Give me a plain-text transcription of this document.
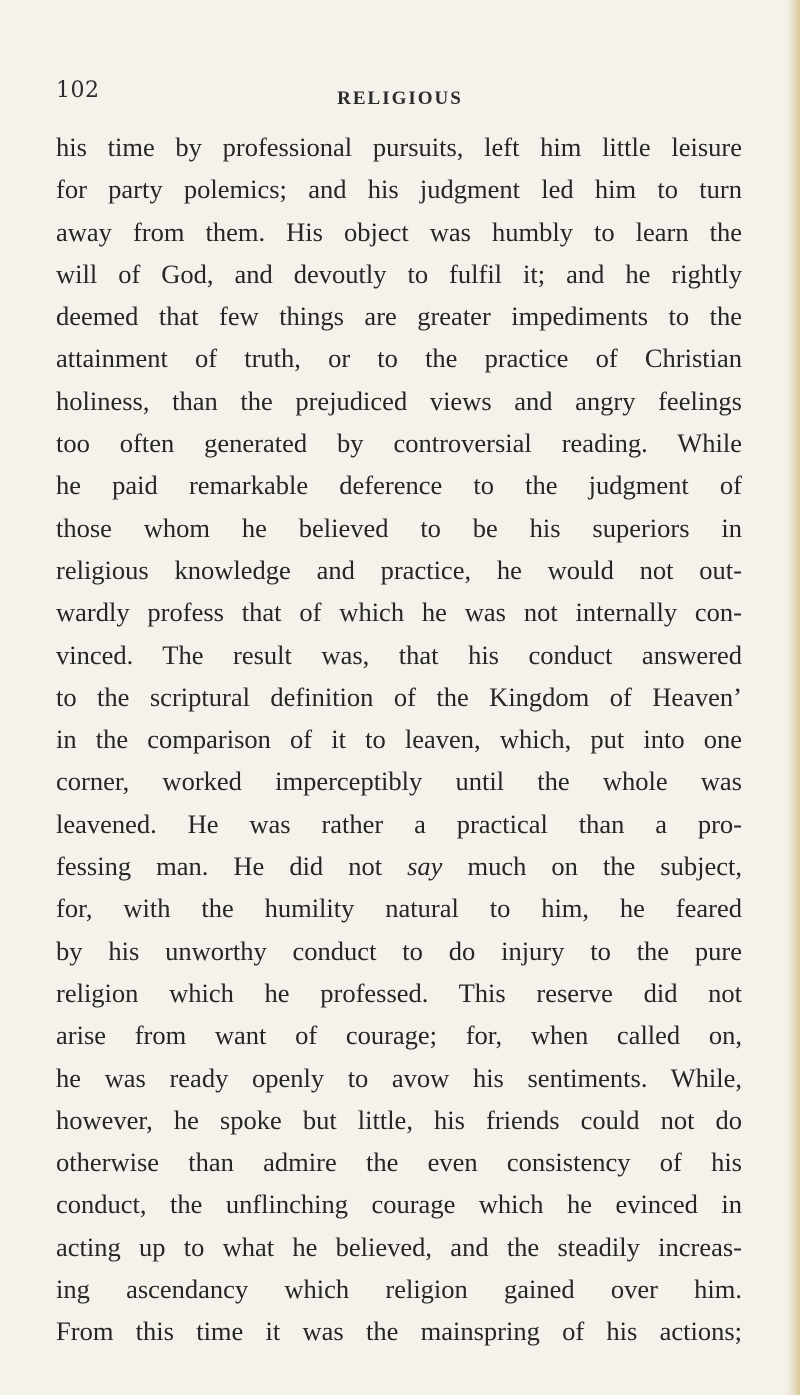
102	RELIGIOUS

his time by professional pursuits, left him little leisure
for party polemics; and his judgment led him to turn
away from them. His object was humbly to learn the
will of God, and devoutly to fulfil it; and he rightly
deemed that few things are greater impediments to the
attainment of truth, or to the practice of Christian
holiness, than the prejudiced views and angry feelings
too often generated by controversial reading. While
he paid remarkable deference to the judgment of
those whom he believed to be his superiors in
religious knowledge and practice, he would not out-
wardly profess that of which he was not internally con-
vinced. The result was, that his conduct answered
to the scriptural definition of the Kingdom of Heaven’
in the comparison of it to leaven, which, put into one
corner, worked imperceptibly until the whole was
leavened. He was rather a practical than a pro-
fessing man. He did not say much on the subject,
for, with the humility natural to him, he feared
by his unworthy conduct to do injury to the pure
religion which he professed. This reserve did not
arise from want of courage; for, when called on,
he was ready openly to avow his sentiments. While,
however, he spoke but little, his friends could not do
otherwise than admire the even consistency of his
conduct, the unflinching courage which he evinced in
acting up to what he believed, and the steadily increas-
ing ascendancy which religion gained over him.
From this time it was the mainspring of his actions;
